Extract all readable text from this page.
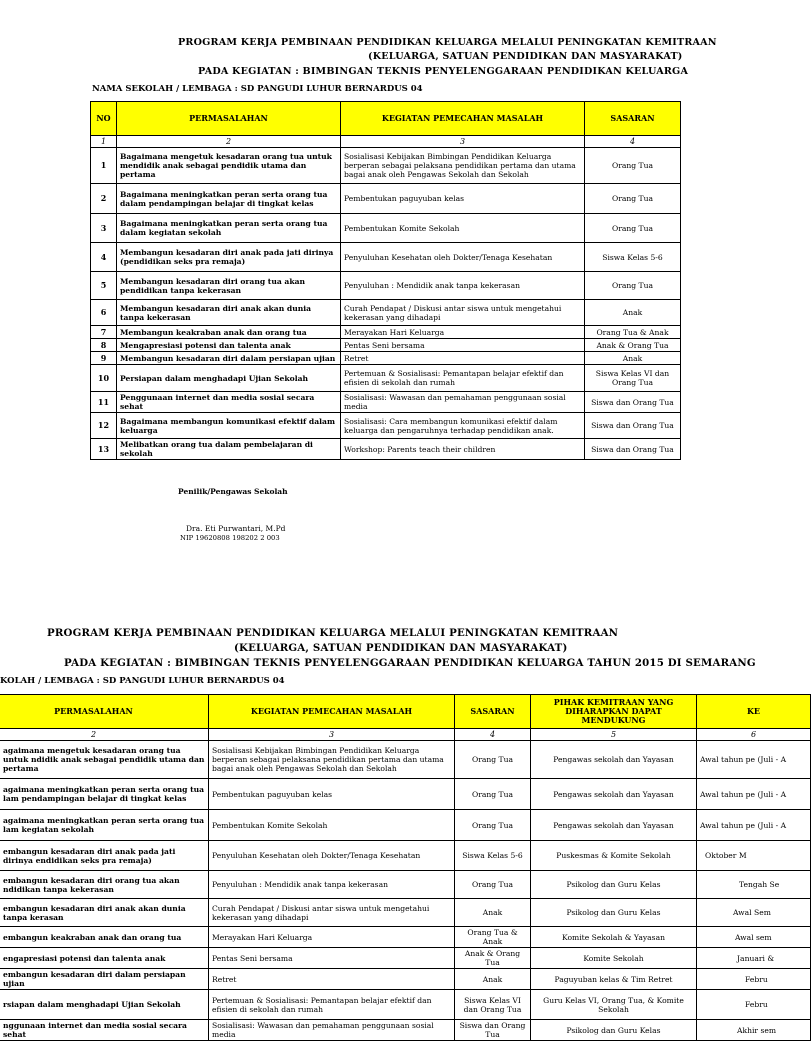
PROGRAM KERJA PEMBINAAN PENDIDIKAN KELUARGA MELALUI PENINGKATAN KEMITRAAN
(KELUARGA, SATUAN PENDIDIKAN DAN MASYARAKAT)
PADA KEGIATAN : BIMBINGAN TEKNIS PENYELENGGARAAN PENDIDIKAN KELUARGA
NAMA SEKOLAH / LEMBAGA : SD PANGUDI LUHUR BERNARDUS 04
NO	PERMASALAHAN	KEGIATAN PEMECAHAN MASALAH	SASARAN
1	2	3	4
1	Bagaimana mengetuk kesadaran orang tua untuk mendidik anak sebagai pendidik utama dan pertama	Sosialisasi Kebijakan Bimbingan Pendidikan Keluarga berperan sebagai pelaksana pendidikan pertama dan utama bagai anak oleh Pengawas Sekolah dan Sekolah	Orang Tua
2	Bagaimana meningkatkan peran serta orang tua dalam pendampingan belajar di tingkat kelas	Pembentukan paguyuban kelas	Orang Tua
3	Bagaimana meningkatkan peran serta orang tua dalam kegiatan sekolah	Pembentukan Komite Sekolah	Orang Tua
4	Membangun kesadaran diri anak pada jati dirinya (pendidikan seks pra remaja)	Penyuluhan Kesehatan oleh Dokter/Tenaga Kesehatan	Siswa Kelas 5-6
5	Membangun kesadaran diri orang tua akan pendidikan tanpa kekerasan	Penyuluhan : Mendidik anak tanpa kekerasan	Orang Tua
6	Membangun kesadaran diri anak akan dunia tanpa kekerasan	Curah Pendapat / Diskusi antar siswa untuk mengetahui kekerasan yang dihadapi	Anak
7	Membangun keakraban anak dan orang tua	Merayakan Hari Keluarga	Orang Tua & Anak
8	Mengapresiasi potensi dan talenta anak	Pentas Seni bersama	Anak & Orang Tua
9	Membangun kesadaran diri dalam persiapan ujian	Retret	Anak
10	Persiapan dalam menghadapi Ujian Sekolah	Pertemuan & Sosialisasi: Pemantapan belajar efektif dan efisien di sekolah dan rumah	Siswa Kelas VI dan Orang Tua
11	Penggunaan internet dan media sosial secara sehat	Sosialisasi: Wawasan dan pemahaman penggunaan sosial media	Siswa dan Orang Tua
12	Bagaimana membangun komunikasi efektif dalam keluarga	Sosialisasi: Cara membangun komunikasi efektif dalam keluarga dan pengaruhnya terhadap pendidikan anak.	Siswa dan Orang Tua
13	Melibatkan orang tua dalam pembelajaran di sekolah	Workshop: Parents teach their children	Siswa dan Orang Tua
Penilik/Pengawas Sekolah
Dra. Eti Purwantari, M.Pd
NIP 19620808 198202 2 003
PROGRAM KERJA PEMBINAAN PENDIDIKAN KELUARGA MELALUI PENINGKATAN KEMITRAAN
(KELUARGA, SATUAN PENDIDIKAN DAN MASYARAKAT)
PADA KEGIATAN : BIMBINGAN TEKNIS PENYELENGGARAAN PENDIDIKAN KELUARGA TAHUN 2015 DI SEMARANG
KOLAH / LEMBAGA : SD PANGUDI LUHUR BERNARDUS 04
PERMASALAHAN	KEGIATAN PEMECAHAN MASALAH	SASARAN	PIHAK KEMITRAAN YANG DIHARAPKAN DAPAT MENDUKUNG	KE
2	3	4	5	6
agaimana mengetuk kesadaran orang tua untuk ndidik anak sebagai pendidik utama dan pertama	Sosialisasi Kebijakan Bimbingan Pendidikan Keluarga berperan sebagai pelaksana pendidikan pertama dan utama bagai anak oleh Pengawas Sekolah dan Sekolah	Orang Tua	Pengawas sekolah dan Yayasan	Awal tahun pe (Juli - A
agaimana meningkatkan peran serta orang tua lam pendampingan belajar di tingkat kelas	Pembentukan paguyuban kelas	Orang Tua	Pengawas sekolah dan Yayasan	Awal tahun pe (Juli - A
agaimana meningkatkan peran serta orang tua lam kegiatan sekolah	Pembentukan Komite Sekolah	Orang Tua	Pengawas sekolah dan Yayasan	Awal tahun pe (Juli - A
embangun kesadaran diri anak pada jati dirinya endidikan seks pra remaja)	Penyuluhan Kesehatan oleh Dokter/Tenaga Kesehatan	Siswa Kelas 5-6	Puskesmas & Komite Sekolah	Oktober M
embangun kesadaran diri orang tua akan ndidikan tanpa kekerasan	Penyuluhan : Mendidik anak tanpa kekerasan	Orang Tua	Psikolog dan Guru Kelas	Tengah Se
embangun kesadaran diri anak akan dunia tanpa kerasan	Curah Pendapat / Diskusi antar siswa untuk mengetahui kekerasan yang dihadapi	Anak	Psikolog dan Guru Kelas	Awal Sem
embangun keakraban anak dan orang tua	Merayakan Hari Keluarga	Orang Tua & Anak	Komite Sekolah & Yayasan	Awal sem
engapresiasi potensi dan talenta anak	Pentas Seni bersama	Anak & Orang Tua	Komite Sekolah	Januari &
embangun kesadaran diri dalam persiapan ujian	Retret	Anak	Paguyuban kelas & Tim Retret	Febru
rsiapan dalam menghadapi Ujian Sekolah	Pertemuan & Sosialisasi: Pemantapan belajar efektif dan efisien di sekolah dan rumah	Siswa Kelas VI dan Orang Tua	Guru Kelas VI, Orang Tua, & Komite Sekolah	Febru
nggunaan internet dan media sosial secara sehat	Sosialisasi: Wawasan dan pemahaman penggunaan sosial media	Siswa dan Orang Tua	Psikolog dan Guru Kelas	Akhir sem
